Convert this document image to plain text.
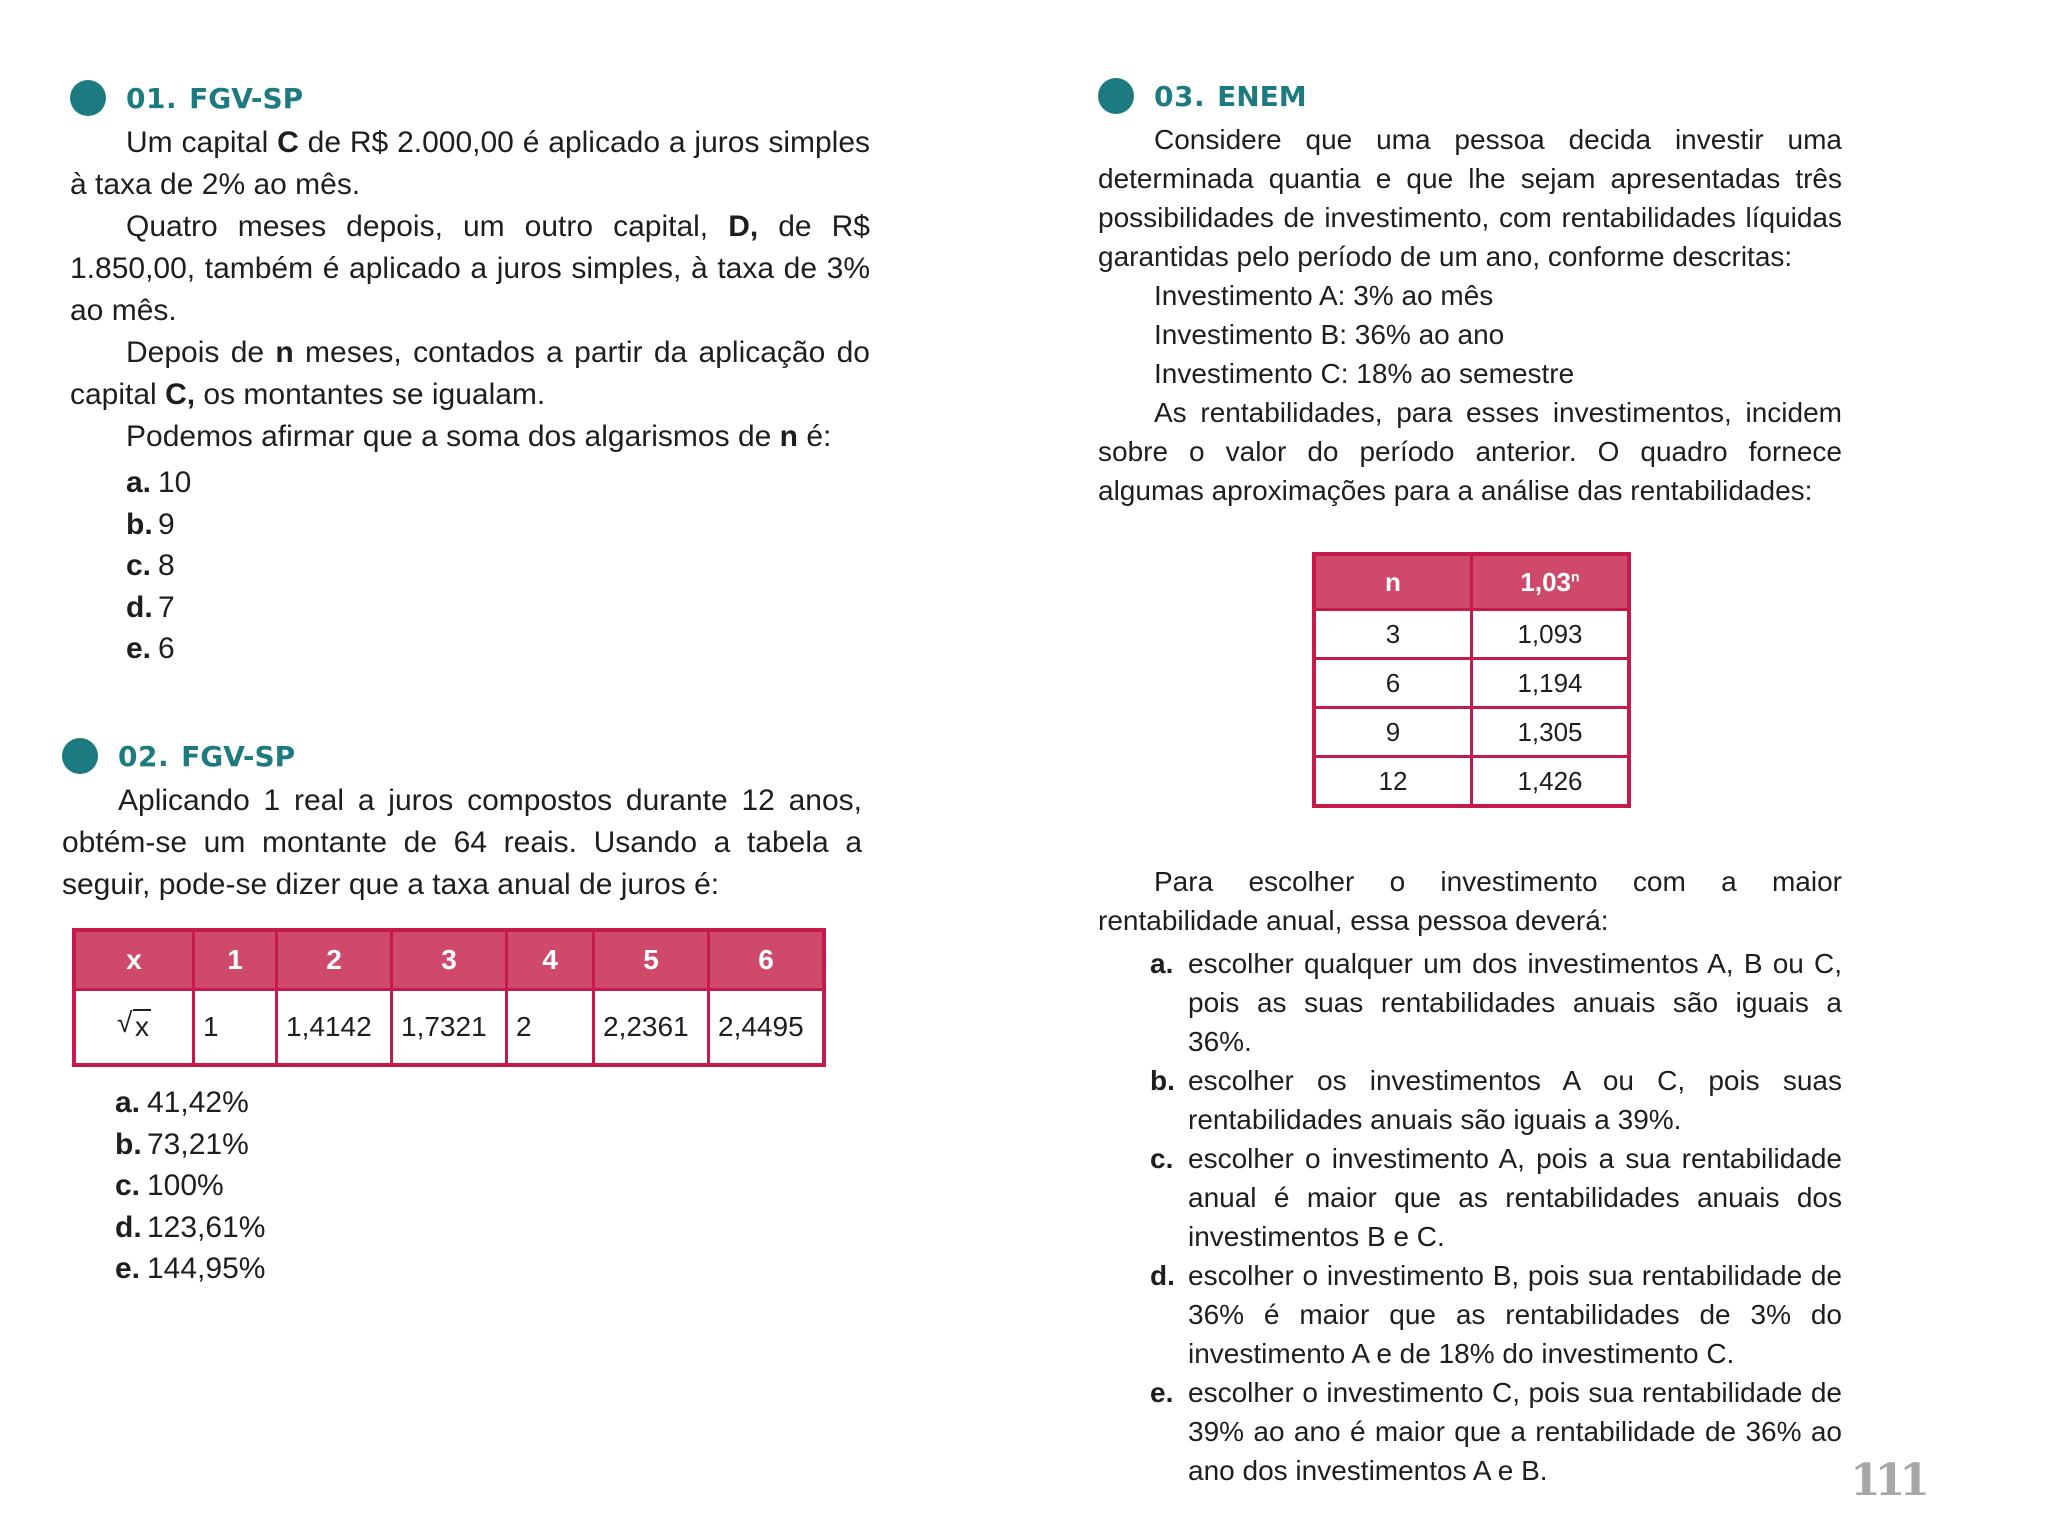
01. FGV-SP

Um capital C de R$ 2.000,00 é aplicado a juros simples à taxa de 2% ao mês.

Quatro meses depois, um outro capital, D, de R$ 1.850,00, também é aplicado a juros simples, à taxa de 3% ao mês.

Depois de n meses, contados a partir da aplicação do capital C, os montantes se igualam.

Podemos afirmar que a soma dos algarismos de n é:

a. 10
b. 9
c. 8
d. 7
e. 6
02. FGV-SP

Aplicando 1 real a juros compostos durante 12 anos, obtém-se um montante de 64 reais. Usando a tabela a seguir, pode-se dizer que a taxa anual de juros é:

x	1	2	3	4	5	6

√ x	1	1,4142	1,7321	2	2,2361	2,4495
a. 41,42%
b. 73,21%
c. 100%
d. 123,61%
e. 144,95%
03. ENEM

Considere que uma pessoa decida investir uma determinada quantia e que lhe sejam apresentadas três possibilidades de investimento, com rentabilidades líquidas garantidas pelo período de um ano, conforme descritas:

Investimento A: 3% ao mês

Investimento B: 36% ao ano

Investimento C: 18% ao semestre

As rentabilidades, para esses investimentos, incidem sobre o valor do período anterior. O quadro fornece algumas aproximações para a análise das rentabilidades:

n	1,03$^n$
3	1,093
6	1,194
9	1,305
12	1,426

Para escolher o investimento com a maior rentabilidade anual, essa pessoa deverá:

a. escolher qualquer um dos investimentos A, B ou C, pois as suas rentabilidades anuais são iguais a 36%.
b. escolher os investimentos A ou C, pois suas rentabilidades anuais são iguais a 39%.
c. escolher o investimento A, pois a sua rentabilidade anual é maior que as rentabilidades anuais dos investimentos B e C.
d. escolher o investimento B, pois sua rentabilidade de 36% é maior que as rentabilidades de 3% do investimento A e de 18% do investimento C.
e. escolher o investimento C, pois sua rentabilidade de 39% ao ano é maior que a rentabilidade de 36% ao ano dos investimentos A e B.	111
